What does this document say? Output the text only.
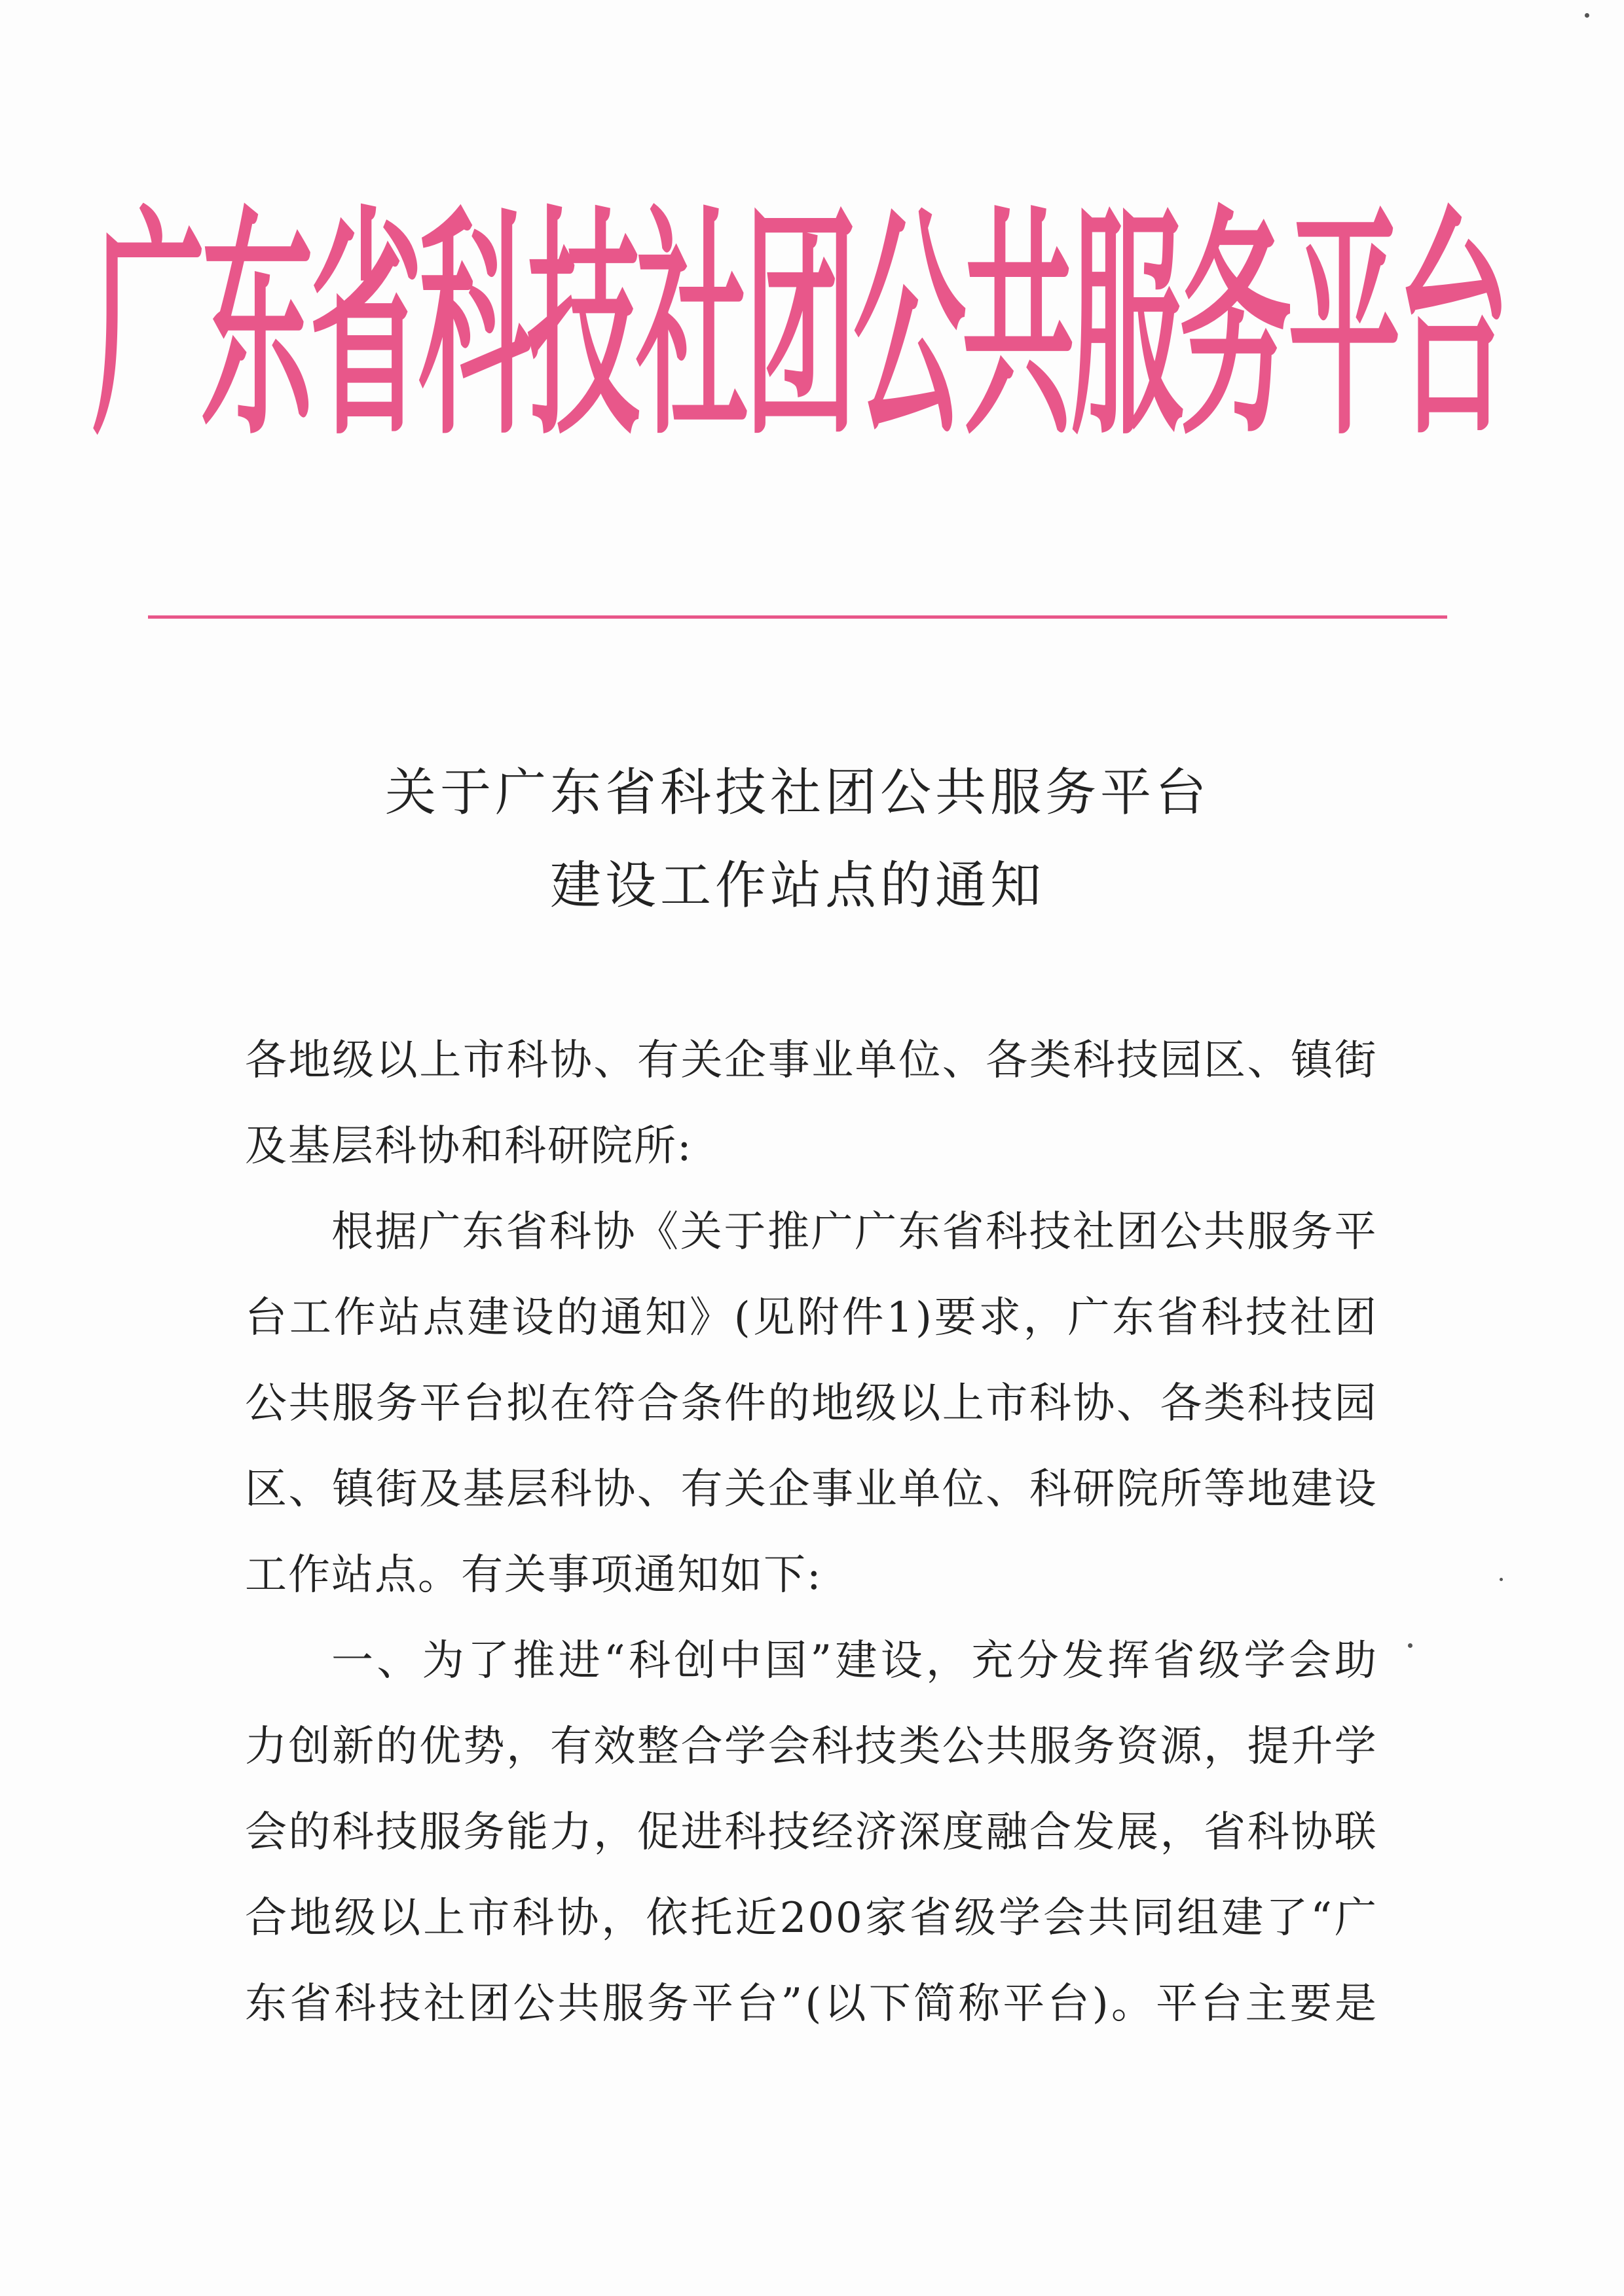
广东省科技社团公共服务平台
关于广东省科技社团公共服务平台
建设工作站点的通知
各 地 级 以 上 市 科 协 、 有 关 企 事 业 单 位 、 各 类 科 技 园 区 、 镇 街
及基层科协和科研院所:
根 据 广 东 省 科 协 《 关 于 推 广 广 东 省 科 技 社 团 公 共 服 务 平
台 工 作 站 点 建 设 的 通 知 》 ( 见 附 件 1 ) 要 求 ， 广 东 省 科 技 社 团
公 共 服 务 平 台 拟 在 符 合 条 件 的 地 级 以 上 市 科 协 、 各 类 科 技 园
区 、 镇 街 及 基 层 科 协 、 有 关 企 事 业 单 位 、 科 研 院 所 等 地 建 设
工作站点。有关事项通知如下:
一 、 为 了 推 进 “ 科 创 中 国 ” 建 设 ， 充 分 发 挥 省 级 学 会 助
力 创 新 的 优 势 ， 有 效 整 合 学 会 科 技 类 公 共 服 务 资 源 ， 提 升 学
会 的 科 技 服 务 能 力 ， 促 进 科 技 经 济 深 度 融 合 发 展 ， 省 科 协 联
合 地 级 以 上 市 科 协 ， 依 托 近 200 家 省 级 学 会 共 同 组 建 了 “ 广
东 省 科 技 社 团 公 共 服 务 平 台 ” ( 以 下 简 称 平 台 ) 。 平 台 主 要 是
